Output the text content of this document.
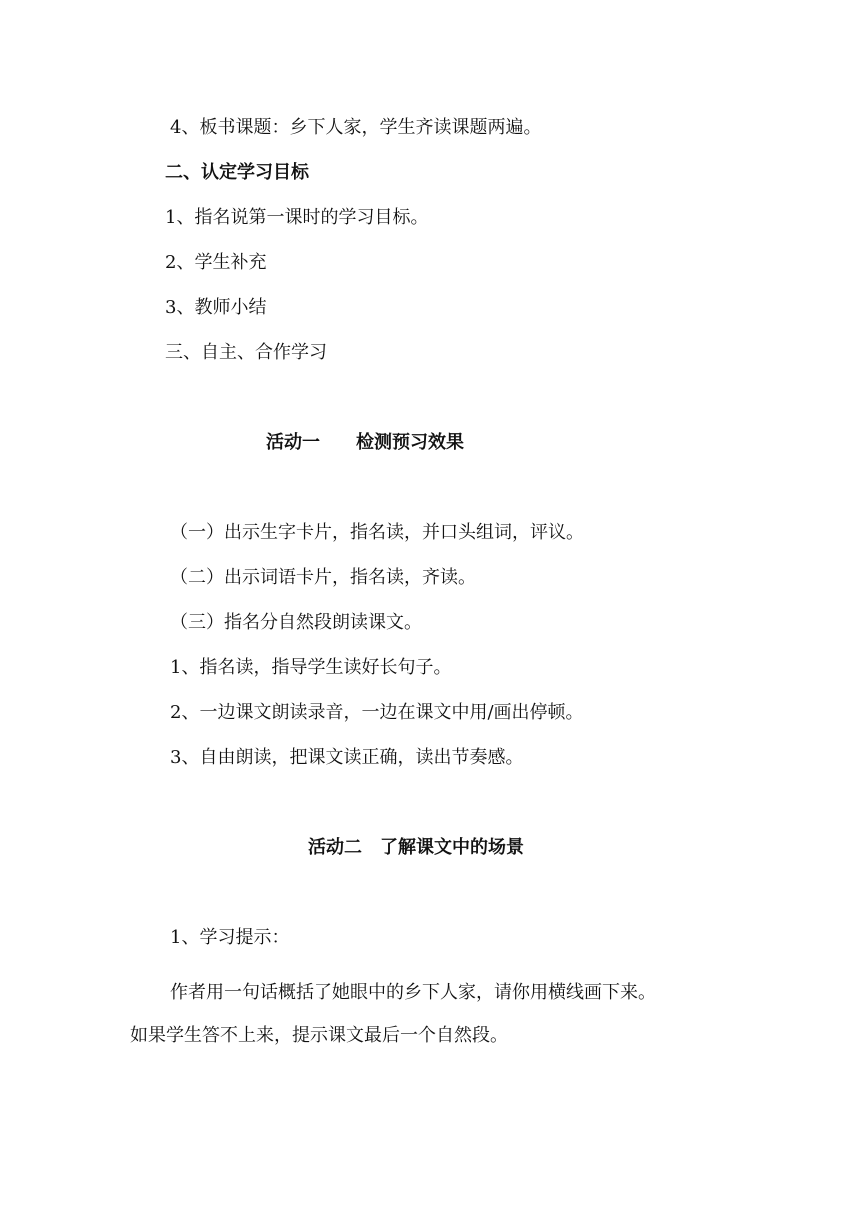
4、板书课题：乡下人家，学生齐读课题两遍。
二、认定学习目标
1、指名说第一课时的学习目标。
2、学生补充
3、教师小结
三、自主、合作学习
活动一　　检测预习效果
（一）出示生字卡片，指名读，并口头组词，评议。
（二）出示词语卡片，指名读，齐读。
（三）指名分自然段朗读课文。
1、指名读，指导学生读好长句子。
2、一边课文朗读录音，一边在课文中用/画出停顿。
3、自由朗读，把课文读正确，读出节奏感。
活动二　了解课文中的场景
1、学习提示：
作者用一句话概括了她眼中的乡下人家，请你用横线画下来。
如果学生答不上来，提示课文最后一个自然段。
